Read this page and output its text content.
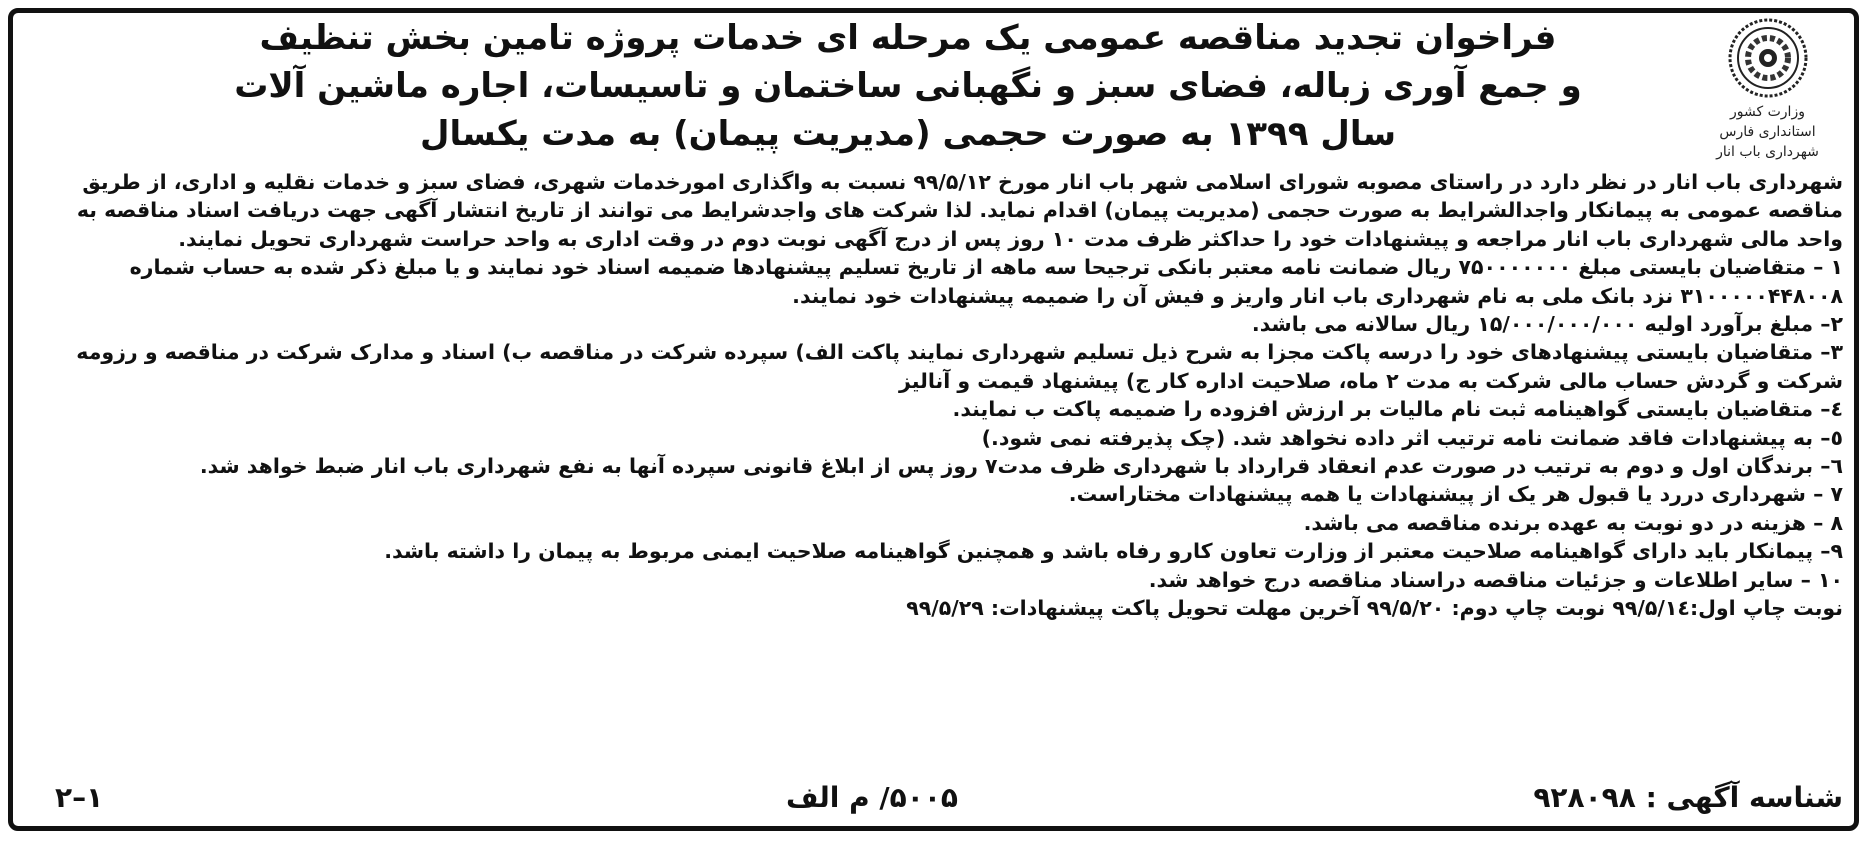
وزارت کشور
استانداری فارس
شهرداری باب انار
فراخوان تجدید مناقصه عمومی یک مرحله ای خدمات پروژه تامین بخش تنظیف
و جمع آوری زباله، فضای سبز و نگهبانی ساختمان و تاسیسات، اجاره ماشین آلات
سال ۱۳۹۹ به صورت حجمی (مدیریت پیمان) به مدت یکسال

شهرداری باب انار در نظر دارد در راستای مصوبه شورای اسلامی شهر باب انار مورخ ۹۹/۵/۱۲ نسبت به واگذاری امورخدمات شهری، فضای سبز و خدمات نقلیه و اداری، از طریق مناقصه عمومی به پیمانکار واجدالشرایط به صورت حجمی (مدیریت پیمان) اقدام نماید. لذا شرکت های واجدشرایط می توانند از تاریخ انتشار آگهی جهت دریافت اسناد مناقصه به واحد مالی شهرداری باب انار مراجعه و پیشنهادات خود را حداکثر ظرف مدت ۱۰ روز پس از درج آگهی نوبت دوم در وقت اداری به واحد حراست شهرداری تحویل نمایند.

۱ – متقاضیان بایستی مبلغ ۷۵۰۰۰۰۰۰۰ ریال ضمانت نامه معتبر بانکی ترجیحا سه ماهه از تاریخ تسلیم پیشنهادها ضمیمه اسناد خود نمایند و یا مبلغ ذکر شده به حساب شماره ۳۱۰۰۰۰۰۴۴۸۰۰۸ نزد بانک ملی به نام شهرداری باب انار واریز و فیش آن را ضمیمه پیشنهادات خود نمایند.

۲– مبلغ برآورد اولیه ۱۵/۰۰۰/۰۰۰/۰۰۰ ریال سالانه می باشد.

۳– متقاضیان بایستی پیشنهادهای خود را درسه پاکت مجزا به شرح ذیل تسلیم شهرداری نمایند پاکت الف) سپرده شرکت در مناقصه ب) اسناد و مدارک شرکت در مناقصه و رزومه شرکت و گردش حساب مالی شرکت به مدت ۲ ماه، صلاحیت اداره کار ج) پیشنهاد قیمت و آنالیز

٤– متقاضیان بایستی گواهینامه ثبت نام مالیات بر ارزش افزوده را ضمیمه پاکت ب نمایند.

٥– به پیشنهادات فاقد ضمانت نامه ترتیب اثر داده نخواهد شد. (چک پذیرفته نمی شود.)

٦– برندگان اول و دوم به ترتیب در صورت عدم انعقاد قرارداد با شهرداری ظرف مدت۷ روز پس از ابلاغ قانونی سپرده آنها به نفع شهرداری باب انار ضبط خواهد شد.

۷ – شهرداری دررد یا قبول هر یک از پیشنهادات یا همه پیشنهادات مختاراست.

۸ – هزینه در دو نوبت به عهده برنده مناقصه می باشد.

۹– پیمانکار باید دارای گواهینامه صلاحیت معتبر از وزارت تعاون کارو رفاه باشد و همچنین گواهینامه صلاحیت ایمنی مربوط به پیمان را داشته باشد.

۱۰ – سایر اطلاعات و جزئیات مناقصه دراسناد مناقصه درج خواهد شد.

نوبت چاپ اول:۹۹/۵/۱٤ نوبت چاپ دوم: ۹۹/۵/۲۰ آخرین مهلت تحویل پاکت پیشنهادات: ۹۹/۵/۲۹

شناسه آگهی : ۹۲۸۰۹۸
۵۰۰۵/ م الف
۱–۲
